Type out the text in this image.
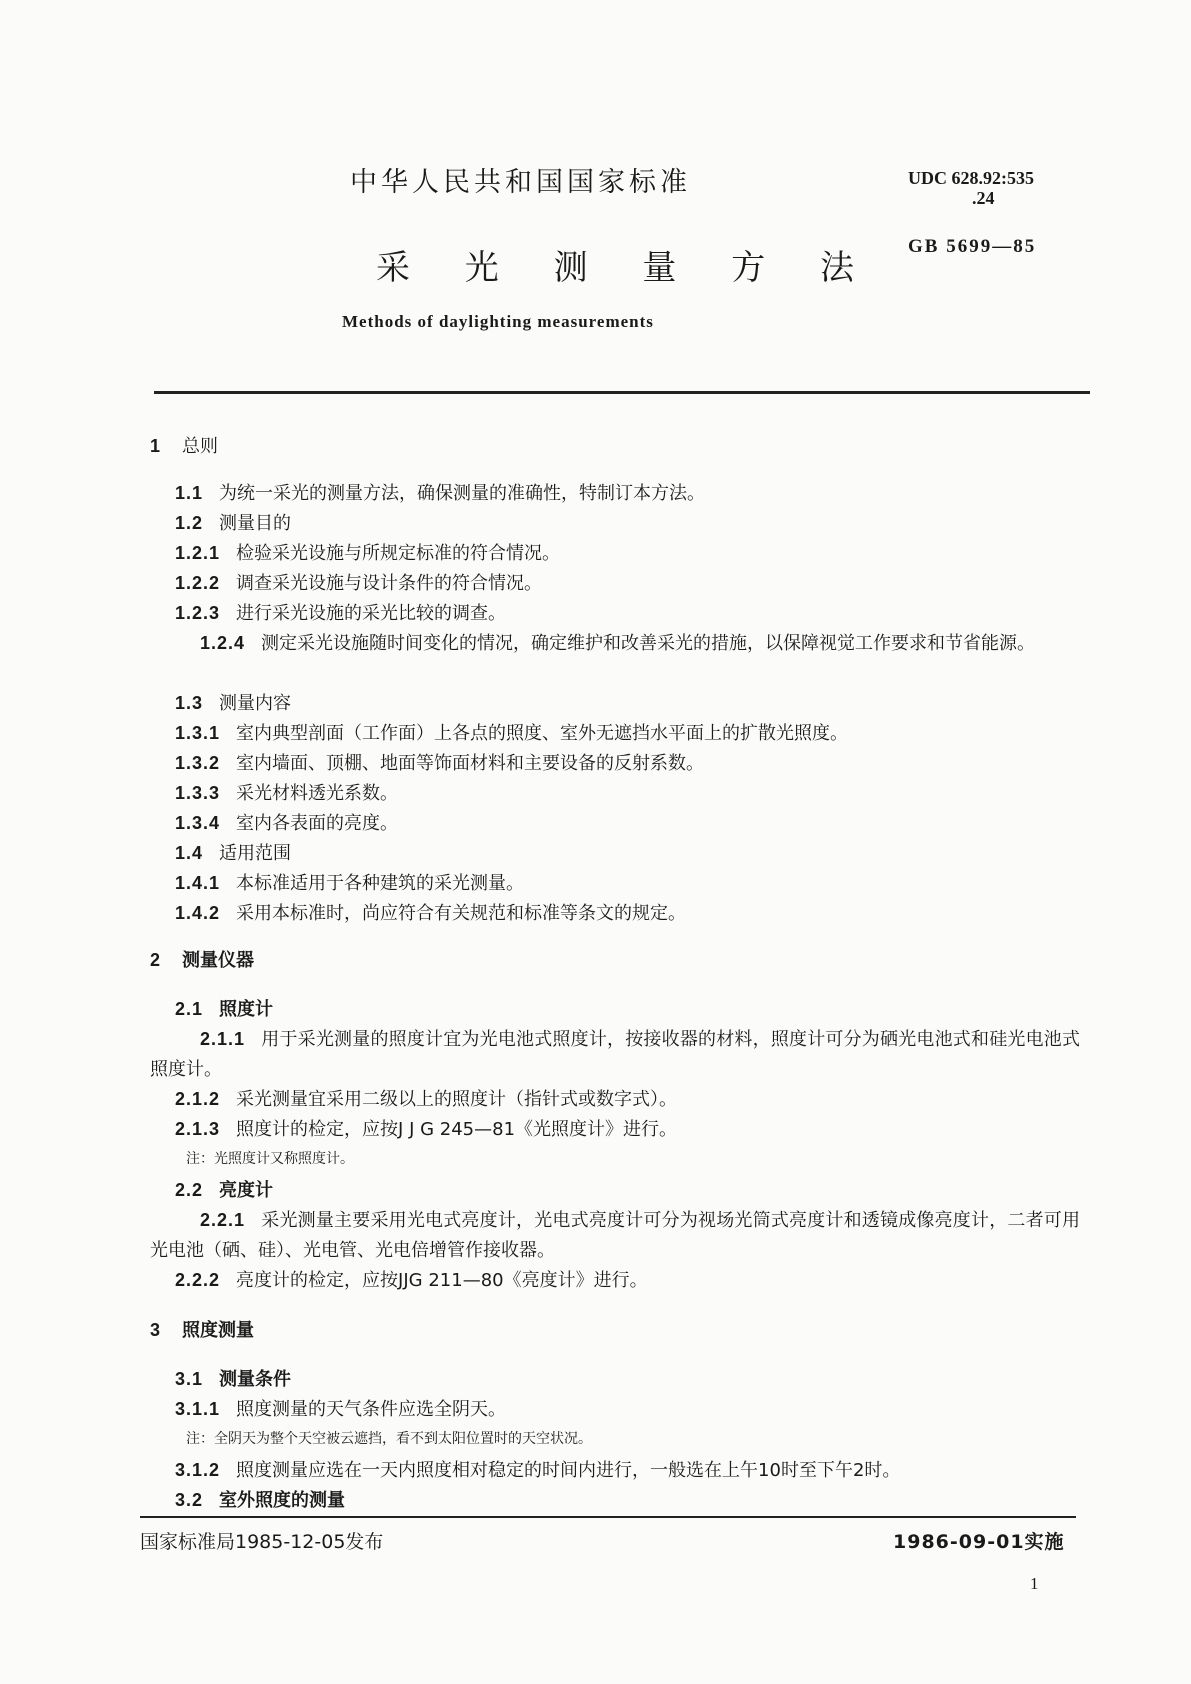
中华人民共和国国家标准	UDC 628.92:535
.24
GB 5699—85
采 光 测 量 方 法
Methods of daylighting measurements
1 总则
1.1 为统一采光的测量方法，确保测量的准确性，特制订本方法。
1.2 测量目的
1.2.1 检验采光设施与所规定标准的符合情况。
1.2.2 调查采光设施与设计条件的符合情况。
1.2.3 进行采光设施的采光比较的调查。
1.2.4 测定采光设施随时间变化的情况，确定维护和改善采光的措施，以保障视觉工作要求和节省能源。
1.3 测量内容
1.3.1 室内典型剖面（工作面）上各点的照度、室外无遮挡水平面上的扩散光照度。
1.3.2 室内墙面、顶棚、地面等饰面材料和主要设备的反射系数。
1.3.3 采光材料透光系数。
1.3.4 室内各表面的亮度。
1.4 适用范围
1.4.1 本标准适用于各种建筑的采光测量。
1.4.2 采用本标准时，尚应符合有关规范和标准等条文的规定。
2 测量仪器
2.1 照度计
2.1.1 用于采光测量的照度计宜为光电池式照度计，按接收器的材料，照度计可分为硒光电池式和硅光电池式照度计。
2.1.2 采光测量宜采用二级以上的照度计（指针式或数字式）。
2.1.3 照度计的检定，应按J J G 245—81《光照度计》进行。
注：光照度计又称照度计。
2.2 亮度计
2.2.1 采光测量主要采用光电式亮度计，光电式亮度计可分为视场光筒式亮度计和透镜成像亮度计，二者可用光电池（硒、硅）、光电管、光电倍增管作接收器。
2.2.2 亮度计的检定，应按JJG 211—80《亮度计》进行。
3 照度测量
3.1 测量条件
3.1.1 照度测量的天气条件应选全阴天。
注：全阴天为整个天空被云遮挡，看不到太阳位置时的天空状况。
3.1.2 照度测量应选在一天内照度相对稳定的时间内进行，一般选在上午10时至下午2时。
3.2 室外照度的测量
国家标准局1985-12-05发布	1986-09-01实施
1
